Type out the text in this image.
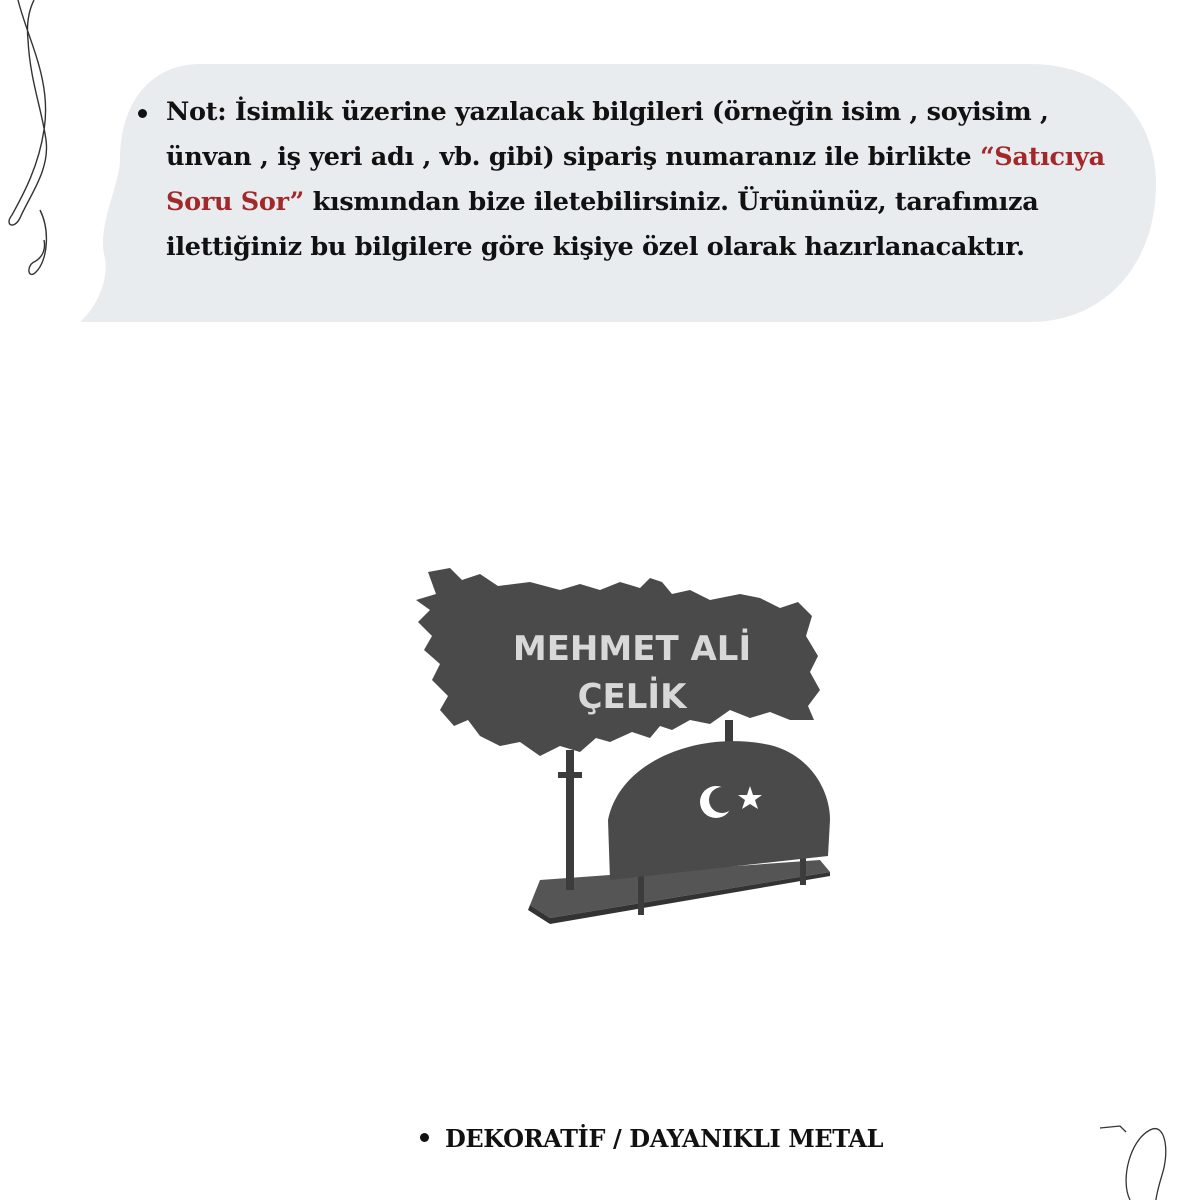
Not: İsimlik üzerine yazılacak bilgileri (örneğin isim , soyisim , ünvan , iş yeri adı , vb. gibi) sipariş numaranız ile birlikte “Satıcıya Soru Sor” kısmından bize iletebilirsiniz. Ürününüz, tarafımıza ilettiğiniz bu bilgilere göre kişiye özel olarak hazırlanacaktır.
MEHMET ALİ
ÇELİK
DEKORATİF / DAYANIKLI METAL
